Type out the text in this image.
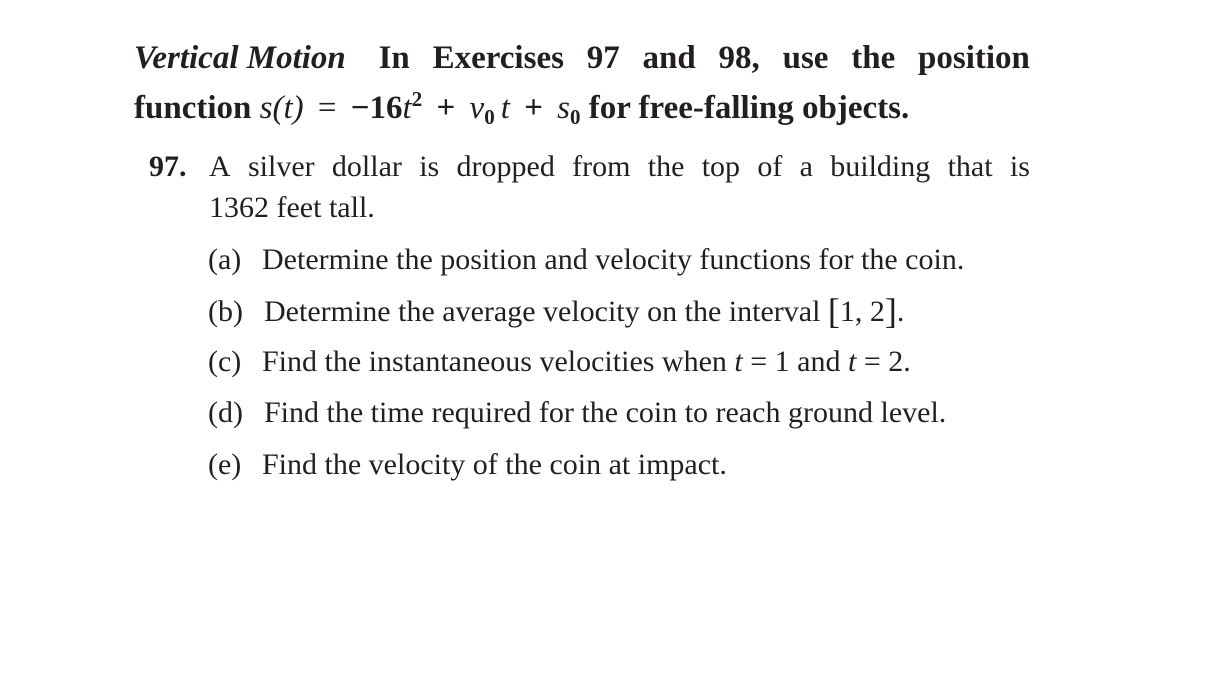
Vertical Motion In Exercises 97 and 98, use the position
function $s(t) = -16t^2 + v_0$ $t + s_0$ for free-falling objects.
97. A silver dollar is dropped from the top of a building that is
1362 feet tall.
(a) Determine the position and velocity functions for the coin.
(b) Determine the average velocity on the interval [1, 2].
(c) Find the instantaneous velocities when t = 1 and t = 2.
(d) Find the time required for the coin to reach ground level.
(e) Find the velocity of the coin at impact.
